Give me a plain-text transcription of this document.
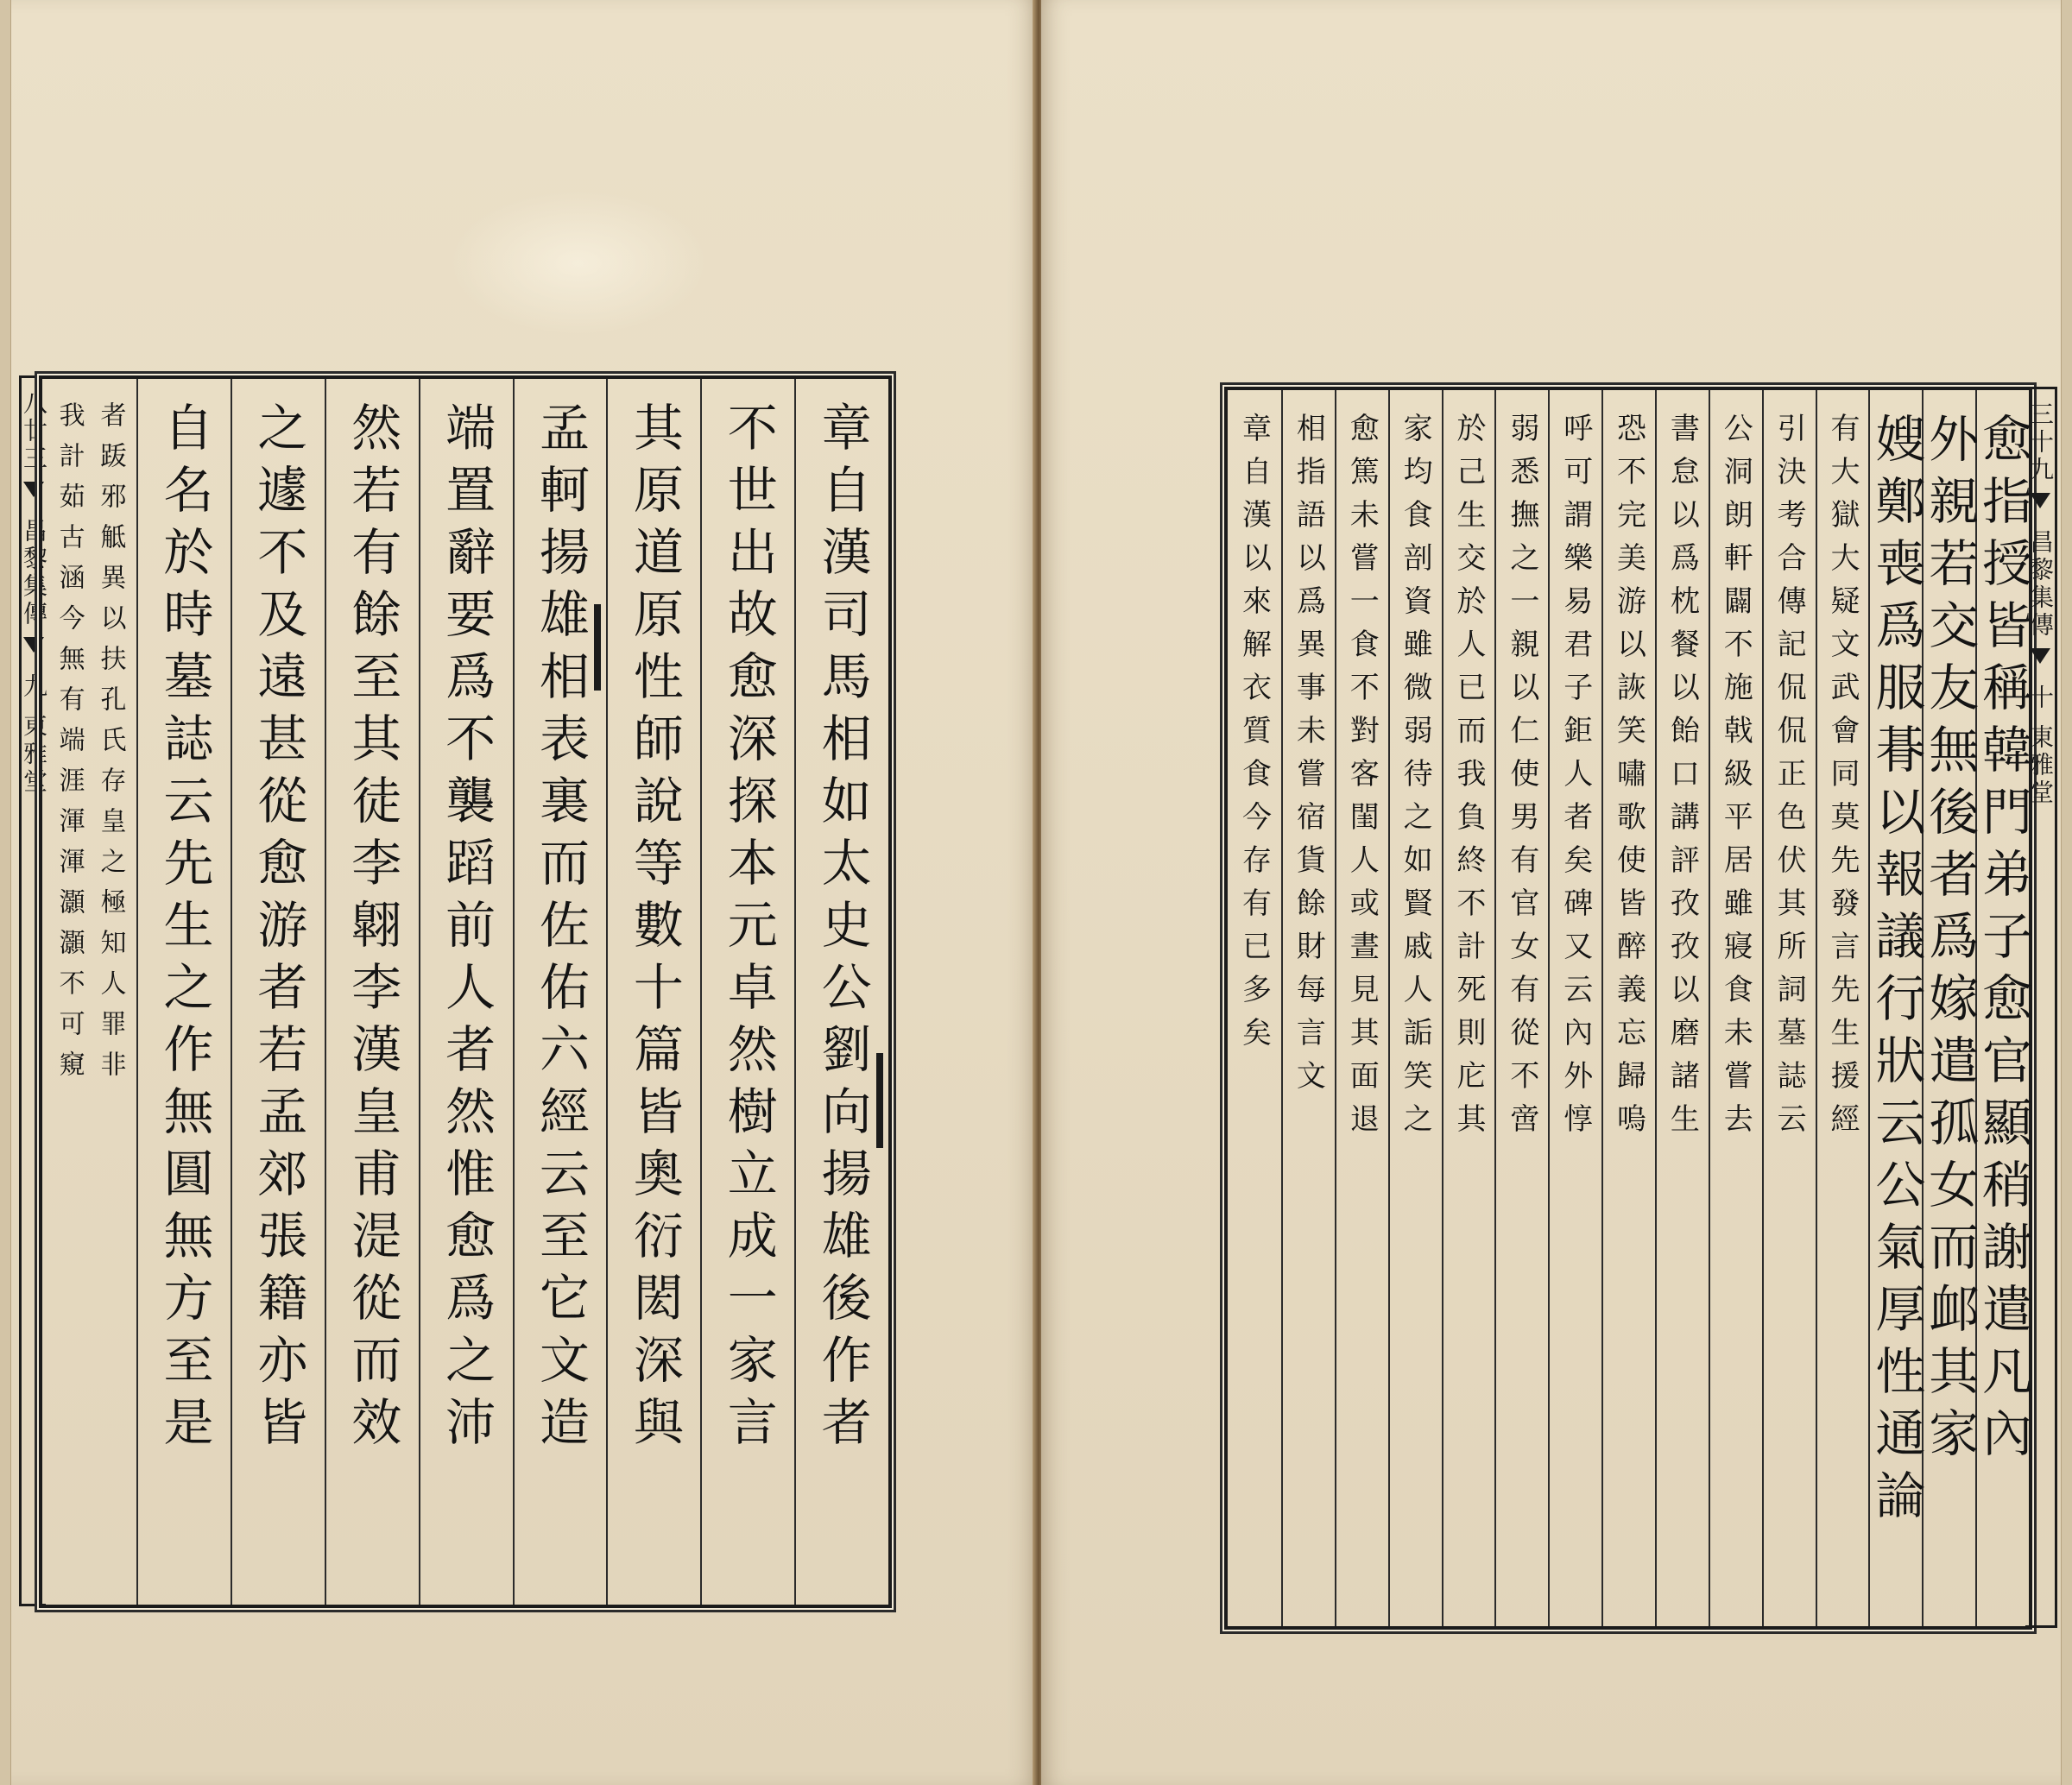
八廿三
昌黎集傳
九
東雅堂	章自漢司馬相如太史公劉向揚雄後作者
不世出故愈深探本元卓然樹立成一家言
其原道原性師說等數十篇皆奧衍閎深與
孟軻揚雄相表裏而佐佑六經云至它文造
端置辭要爲不襲蹈前人者然惟愈爲之沛
然若有餘至其徒李翺李漢皇甫湜從而效
之遽不及遠甚從愈游者若孟郊張籍亦皆
自名於時墓誌云先生之作無圓無方至是
者䟦邪觝異以扶孔氏存皇之極知人罪非
我計茹古涵今無有端涯渾渾灝灝不可窺	愈指授皆稱韓門弟子愈官顯稍謝遣凡內
外親若交友無後者爲嫁遣孤女而䘏其家
嫂鄭喪爲服朞以報議行狀云公氣厚性通論
有大獄大疑文武會同莫先發言先生援經
引決考合傳記侃侃正色伏其所詞墓誌云
公洞朗軒闢不施戟級平居雖寢食未嘗去
書怠以爲枕餐以飴口講評孜孜以磨諸生
恐不完美游以詼笑嘯歌使皆醉義忘歸嗚
呼可謂樂易君子鉅人者矣碑又云內外惇
弱悉撫之一親以仁使男有官女有從不啻
於己生交於人已而我負終不計死則庀其
家均食剖資雖微弱待之如賢戚人詬笑之
愈篤未嘗一食不對客閨人或晝見其面退
相指語以爲異事未嘗宿貨餘財每言文
章自漢以來解衣質食今存有已多矣	三十九
昌黎集傳
十
東雅堂
